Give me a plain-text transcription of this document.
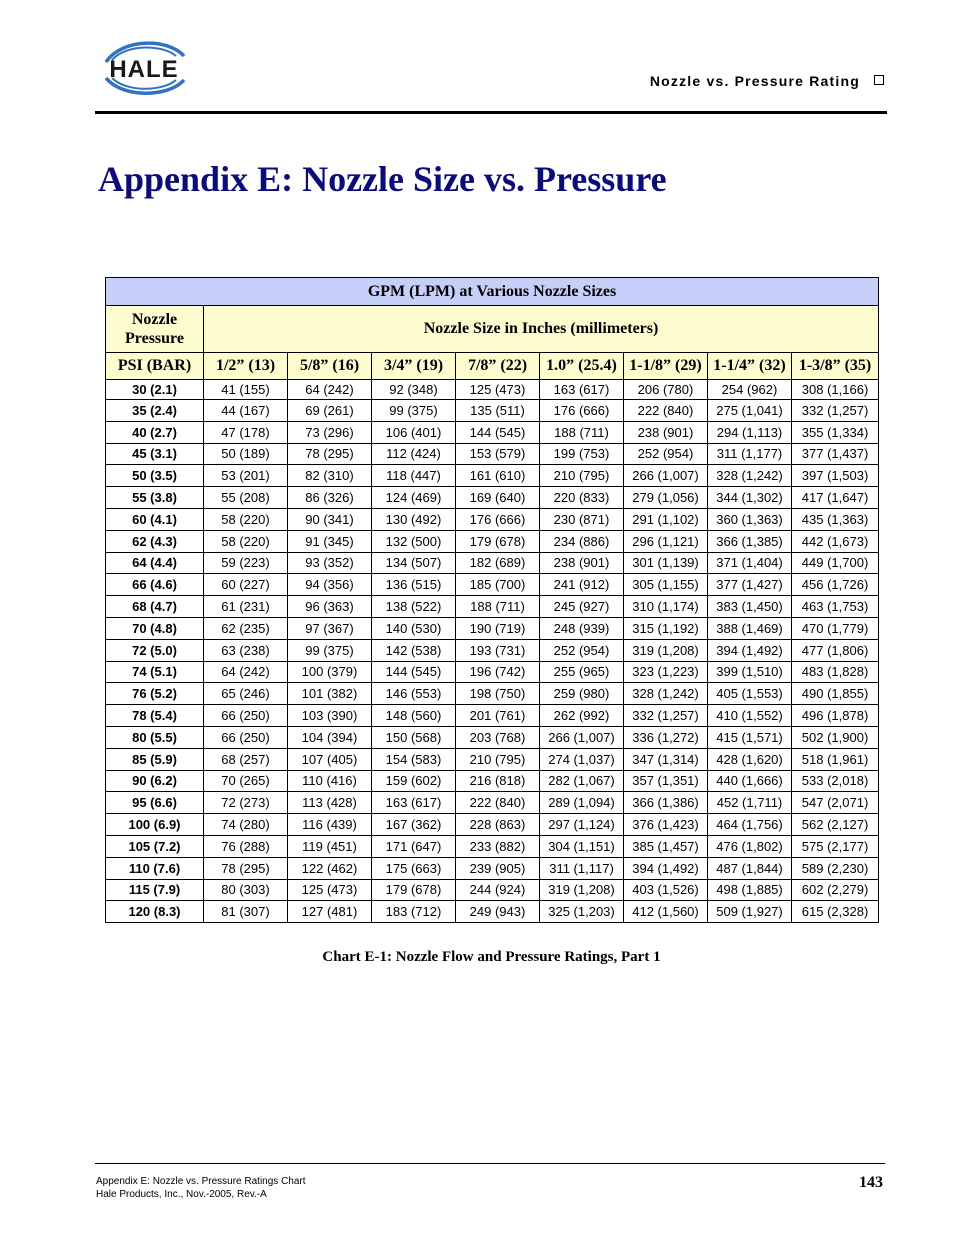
HALE	Nozzle vs. Pressure Rating
Appendix E: Nozzle Size vs. Pressure
GPM (LPM) at Various Nozzle Sizes								
Nozzle Pressure	Nozzle Size in Inches (millimeters)							
PSI (BAR)	1/2” (13)	5/8” (16)	3/4” (19)	7/8” (22)	1.0” (25.4)	1-1/8” (29)	1-1/4” (32)	1-3/8” (35)
30 (2.1)	41 (155)	64 (242)	92 (348)	125 (473)	163 (617)	206 (780)	254 (962)	308 (1,166)
35 (2.4)	44 (167)	69 (261)	99 (375)	135 (511)	176 (666)	222 (840)	275 (1,041)	332 (1,257)
40 (2.7)	47 (178)	73 (296)	106 (401)	144 (545)	188 (711)	238 (901)	294 (1,113)	355 (1,334)
45 (3.1)	50 (189)	78 (295)	112 (424)	153 (579)	199 (753)	252 (954)	311 (1,177)	377 (1,437)
50 (3.5)	53 (201)	82 (310)	118 (447)	161 (610)	210 (795)	266 (1,007)	328 (1,242)	397 (1,503)
55 (3.8)	55 (208)	86 (326)	124 (469)	169 (640)	220 (833)	279 (1,056)	344 (1,302)	417 (1,647)
60 (4.1)	58 (220)	90 (341)	130 (492)	176 (666)	230 (871)	291 (1,102)	360 (1,363)	435 (1,363)
62 (4.3)	58 (220)	91 (345)	132 (500)	179 (678)	234 (886)	296 (1,121)	366 (1,385)	442 (1,673)
64 (4.4)	59 (223)	93 (352)	134 (507)	182 (689)	238 (901)	301 (1,139)	371 (1,404)	449 (1,700)
66 (4.6)	60 (227)	94 (356)	136 (515)	185 (700)	241 (912)	305 (1,155)	377 (1,427)	456 (1,726)
68 (4.7)	61 (231)	96 (363)	138 (522)	188 (711)	245 (927)	310 (1,174)	383 (1,450)	463 (1,753)
70 (4.8)	62 (235)	97 (367)	140 (530)	190 (719)	248 (939)	315 (1,192)	388 (1,469)	470 (1,779)
72 (5.0)	63 (238)	99 (375)	142 (538)	193 (731)	252 (954)	319 (1,208)	394 (1,492)	477 (1,806)
74 (5.1)	64 (242)	100 (379)	144 (545)	196 (742)	255 (965)	323 (1,223)	399 (1,510)	483 (1,828)
76 (5.2)	65 (246)	101 (382)	146 (553)	198 (750)	259 (980)	328 (1,242)	405 (1,553)	490 (1,855)
78 (5.4)	66 (250)	103 (390)	148 (560)	201 (761)	262 (992)	332 (1,257)	410 (1,552)	496 (1,878)
80 (5.5)	66 (250)	104 (394)	150 (568)	203 (768)	266 (1,007)	336 (1,272)	415 (1,571)	502 (1,900)
85 (5.9)	68 (257)	107 (405)	154 (583)	210 (795)	274 (1,037)	347 (1,314)	428 (1,620)	518 (1,961)
90 (6.2)	70 (265)	110 (416)	159 (602)	216 (818)	282 (1,067)	357 (1,351)	440 (1,666)	533 (2,018)
95 (6.6)	72 (273)	113 (428)	163 (617)	222 (840)	289 (1,094)	366 (1,386)	452 (1,711)	547 (2,071)
100 (6.9)	74 (280)	116 (439)	167 (362)	228 (863)	297 (1,124)	376 (1,423)	464 (1,756)	562 (2,127)
105 (7.2)	76 (288)	119 (451)	171 (647)	233 (882)	304 (1,151)	385 (1,457)	476 (1,802)	575 (2,177)
110 (7.6)	78 (295)	122 (462)	175 (663)	239 (905)	311 (1,117)	394 (1,492)	487 (1,844)	589 (2,230)
115 (7.9)	80 (303)	125 (473)	179 (678)	244 (924)	319 (1,208)	403 (1,526)	498 (1,885)	602 (2,279)
120 (8.3)	81 (307)	127 (481)	183 (712)	249 (943)	325 (1,203)	412 (1,560)	509 (1,927)	615 (2,328)

Chart E-1: Nozzle Flow and Pressure Ratings, Part 1

Appendix E: Nozzle vs. Pressure Ratings Chart
Hale Products, Inc., Nov.-2005, Rev.-A
143
